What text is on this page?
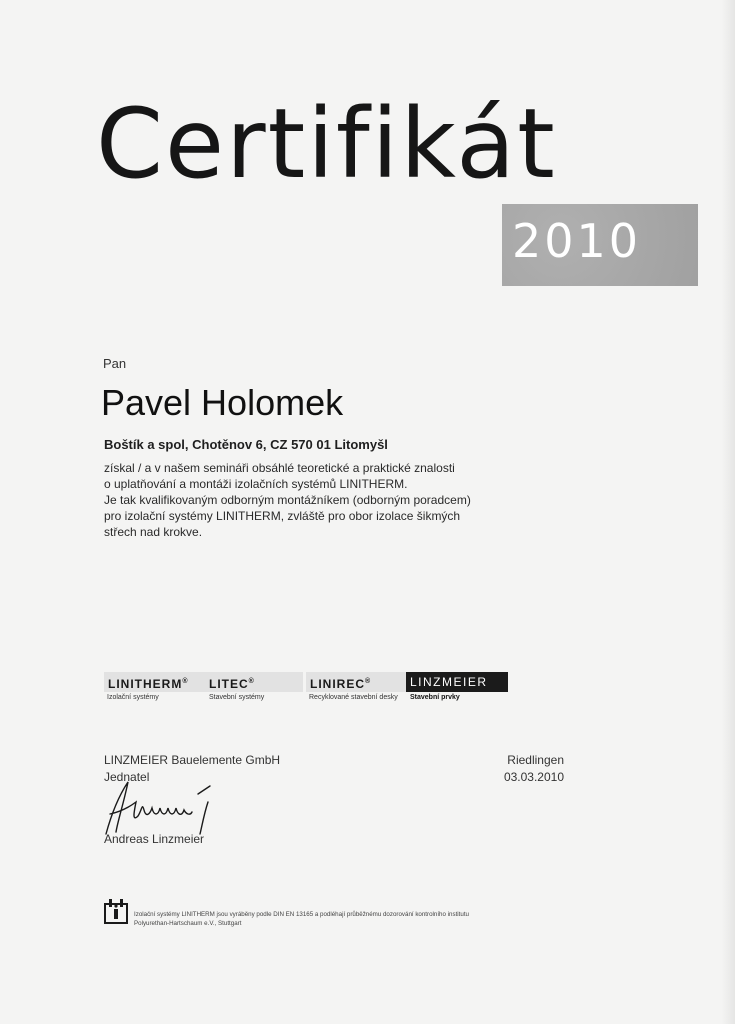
Certifikát
2010
Pan
Pavel Holomek
Boštík a spol, Chotěnov 6, CZ 570 01 Litomyšl
získal / a v našem semináři obsáhlé teoretické a praktické znalosti
o uplatňování a montáži izolačních systémů LINITHERM.
Je tak kvalifikovaným odborným montážníkem (odborným poradcem)
pro izolační systémy LINITHERM, zvláště pro obor izolace šikmých
střech nad krokve.
LINITHERM®
Izolační systémy
LITEC®
Stavební systémy
LINIREC®
Recyklované stavební desky
LINZMEIER
Stavební prvky
LINZMEIER Bauelemente GmbH
Jednatel
Riedlingen
03.03.2010
Andreas Linzmeier
Izolační systémy LINITHERM jsou vyráběny podle DIN EN 13165 a podléhají průběžnému dozorování kontrolního institutu
Polyurethan-Hartschaum e.V., Stuttgart
